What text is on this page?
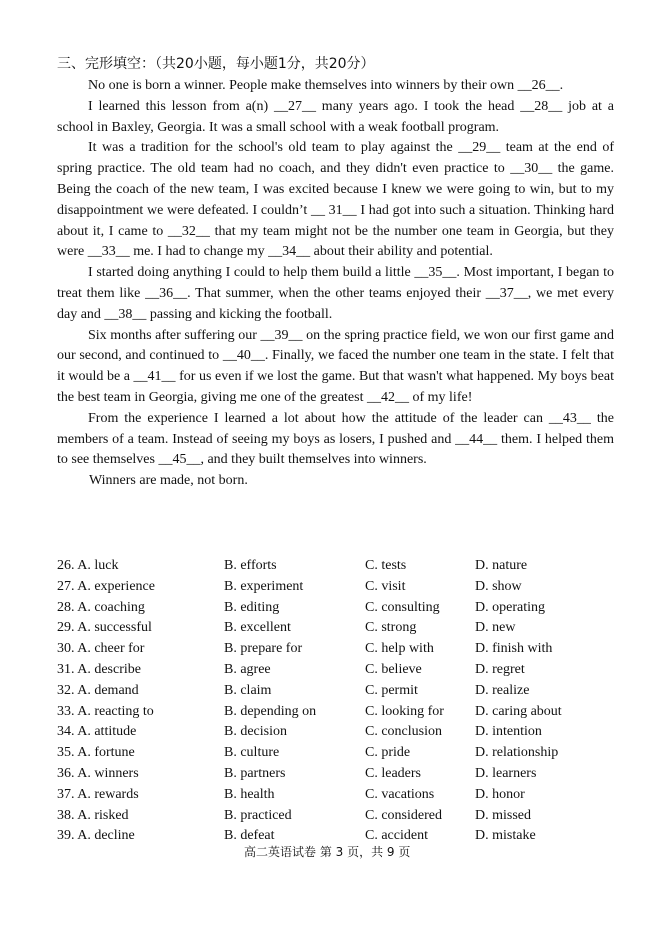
三、完形填空：（共20小题，每小题1分，共20分）

No one is born a winner. People make themselves into winners by their own __26__.

I learned this lesson from a(n) __27__ many years ago. I took the head __28__ job at a school in Baxley, Georgia. It was a small school with a weak football program.

It was a tradition for the school's old team to play against the __29__ team at the end of spring practice. The old team had no coach, and they didn't even practice to __30__ the game. Being the coach of the new team, I was excited because I knew we were going to win, but to my disappointment we were defeated. I couldn’t __ 31__ I had got into such a situation. Thinking hard about it, I came to __32__ that my team might not be the number one team in Georgia, but they were __33__ me. I had to change my __34__ about their ability and potential.

I started doing anything I could to help them build a little __35__. Most important, I began to treat them like __36__. That summer, when the other teams enjoyed their __37__, we met every day and __38__ passing and kicking the football.

Six months after suffering our __39__ on the spring practice field, we won our first game and our second, and continued to __40__. Finally, we faced the number one team in the state. I felt that it would be a __41__ for us even if we lost the game. But that wasn't what happened. My boys beat the best team in Georgia, giving me one of the greatest __42__ of my life!

From the experience I learned a lot about how the attitude of the leader can __43__ the members of a team. Instead of seeing my boys as losers, I pushed and __44__ them. I helped them to see themselves __45__, and they built themselves into winners.

Winners are made, not born.

26. A. luck	B. efforts	C. tests	D. nature
27. A. experience	B. experiment	C. visit	D. show
28. A. coaching	B. editing	C. consulting	D. operating
29. A. successful	B. excellent	C. strong	D. new
30. A. cheer for	B. prepare for	C. help with	D. finish with
31. A. describe	B. agree	C. believe	D. regret
32. A. demand	B. claim	C. permit	D. realize
33. A. reacting to	B. depending on	C. looking for D. caring about
34. A. attitude	B. decision	C. conclusion D. intention
35. A. fortune	B. culture	C. pride	D. relationship
36. A. winners	B. partners	C. leaders	D. learners
37. A. rewards	B. health	C. vacations	D. honor
38. A. risked	B. practiced	C. considered D. missed
39. A. decline	B. defeat	C. accident	D. mistake
高二英语试卷 第 3 页，共 9 页
